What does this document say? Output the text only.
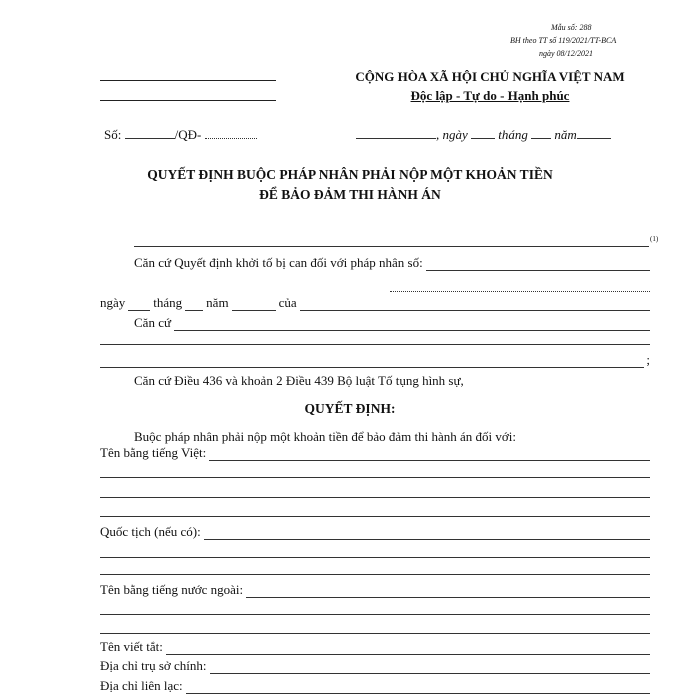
Mẫu số: 288
BH theo TT số 119/2021/TT-BCA
ngày 08/12/2021
CỘNG HÒA XÃ HỘI CHỦ NGHĨA VIỆT NAM
Độc lập - Tự do - Hạnh phúc
Số:	/QĐ-	, ngày tháng năm
QUYẾT ĐỊNH BUỘC PHÁP NHÂN PHẢI NỘP MỘT KHOẢN TIỀN
ĐỂ BẢO ĐẢM THI HÀNH ÁN
(1)
Căn cứ Quyết định khởi tố bị can đối với pháp nhân số:
ngày tháng năm	của
Căn cứ
;
Căn cứ Điều 436 và khoản 2 Điều 439 Bộ luật Tố tụng hình sự,
QUYẾT ĐỊNH:
Buộc pháp nhân phải nộp một khoản tiền để bảo đảm thi hành án đối với:
Tên bằng tiếng Việt:
Quốc tịch (nếu có):
Tên bằng tiếng nước ngoài:
Tên viết tắt:
Địa chỉ trụ sở chính:
Địa chỉ liên lạc:
